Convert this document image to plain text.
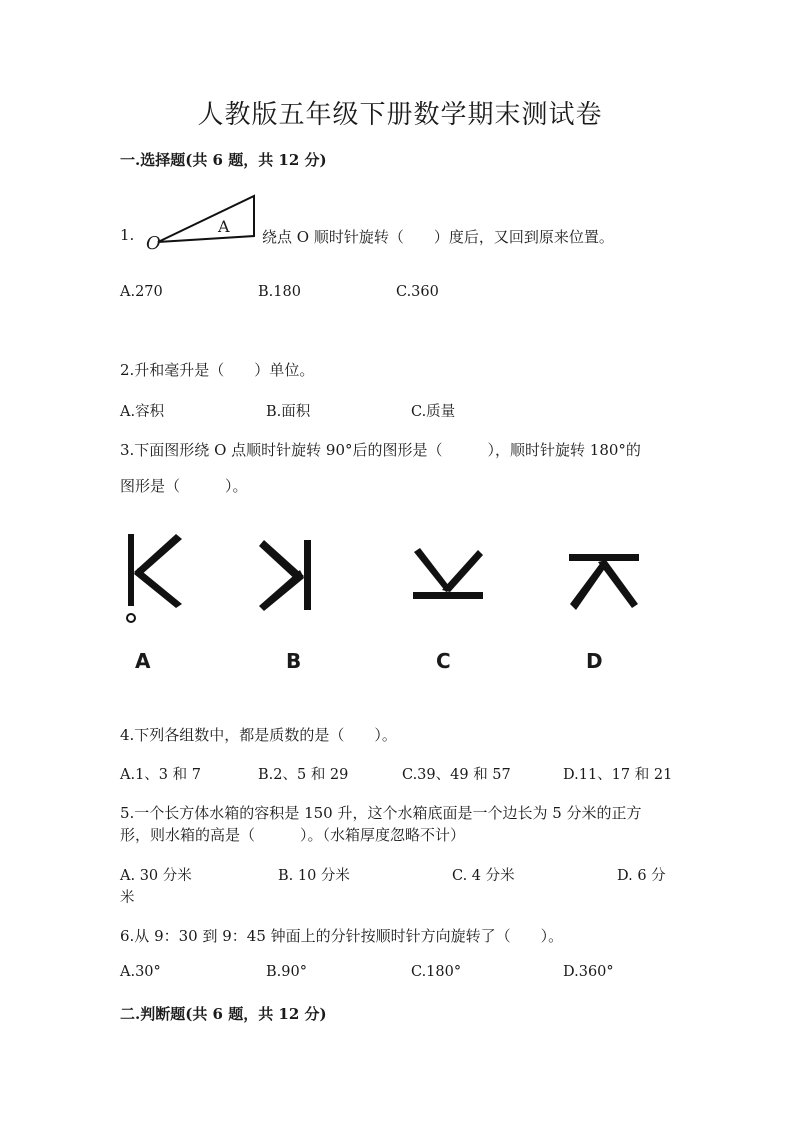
人教版五年级下册数学期末测试卷
一.选择题(共 6 题，共 12 分)
1. O
A
绕点 O 顺时针旋转（　　）度后，又回到原来位置。
A.270	B.180	C.360
2.升和毫升是（　　）单位。
A.容积	B.面积	C.质量
3.下面图形绕 O 点顺时针旋转 90°后的图形是（　　　），顺时针旋转 180°的
图形是（　　　）。
A	B	C	D
4.下列各组数中，都是质数的是（　　）。
A.1、3 和 7	B.2、5 和 29	C.39、49 和 57	D.11、17 和 21
5.一个长方体水箱的容积是 150 升，这个水箱底面是一个边长为 5 分米的正方
形，则水箱的高是（　　　）。（水箱厚度忽略不计）
A. 30 分米	B. 10 分米	C. 4 分米	D. 6 分
米
6.从 9：30 到 9：45 钟面上的分针按顺时针方向旋转了（　　）。
A.30°	B.90°	C.180°	D.360°
二.判断题(共 6 题，共 12 分)
